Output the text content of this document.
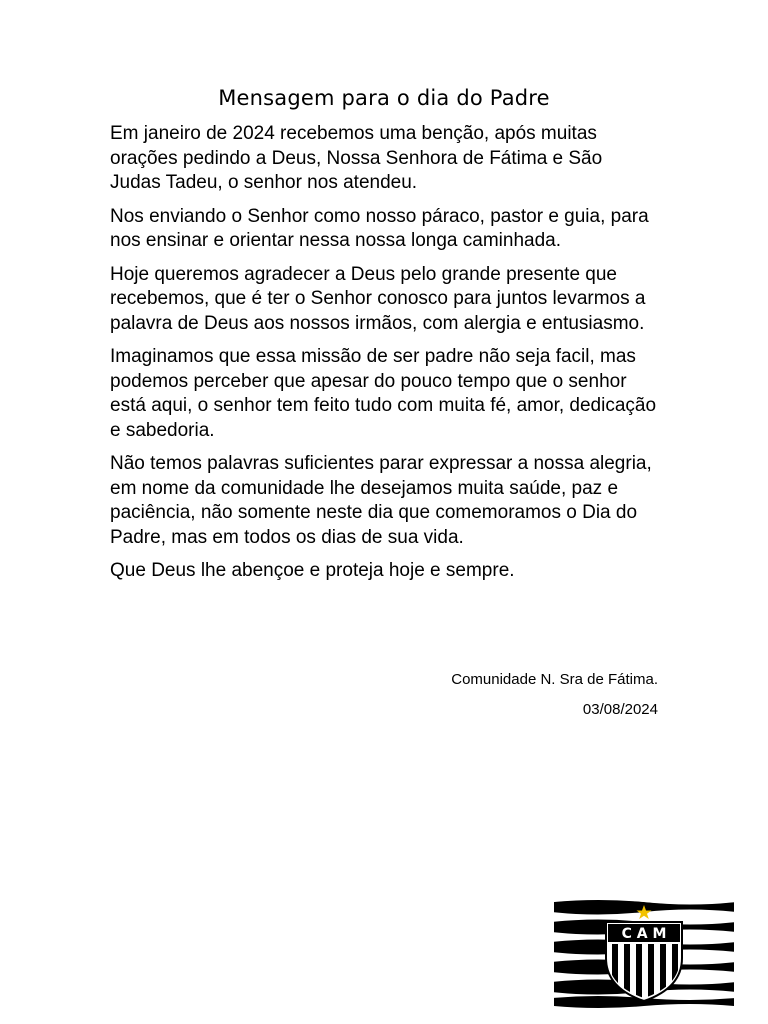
Mensagem para o dia do Padre

Em janeiro de 2024 recebemos uma benção, após muitas orações pedindo a Deus, Nossa Senhora de Fátima e São Judas Tadeu, o senhor nos atendeu.

Nos enviando o Senhor como nosso páraco, pastor e guia, para nos ensinar e orientar nessa nossa longa caminhada.

Hoje queremos agradecer a Deus pelo grande presente que recebemos, que é ter o Senhor conosco para juntos levarmos a palavra de Deus aos nossos irmãos, com alergia e entusiasmo.

Imaginamos que essa missão de ser padre não seja facil, mas podemos perceber que apesar do pouco tempo que o senhor está aqui, o senhor tem feito tudo com muita fé, amor, dedicação e sabedoria.

Não temos palavras suficientes parar expressar a nossa alegria, em nome da comunidade lhe desejamos muita saúde, paz e paciência, não somente neste dia que comemoramos o Dia do Padre, mas em todos os dias de sua vida.

Que Deus lhe abençoe e proteja hoje e sempre.

Comunidade N. Sra de Fátima.
03/08/2024
C A M
